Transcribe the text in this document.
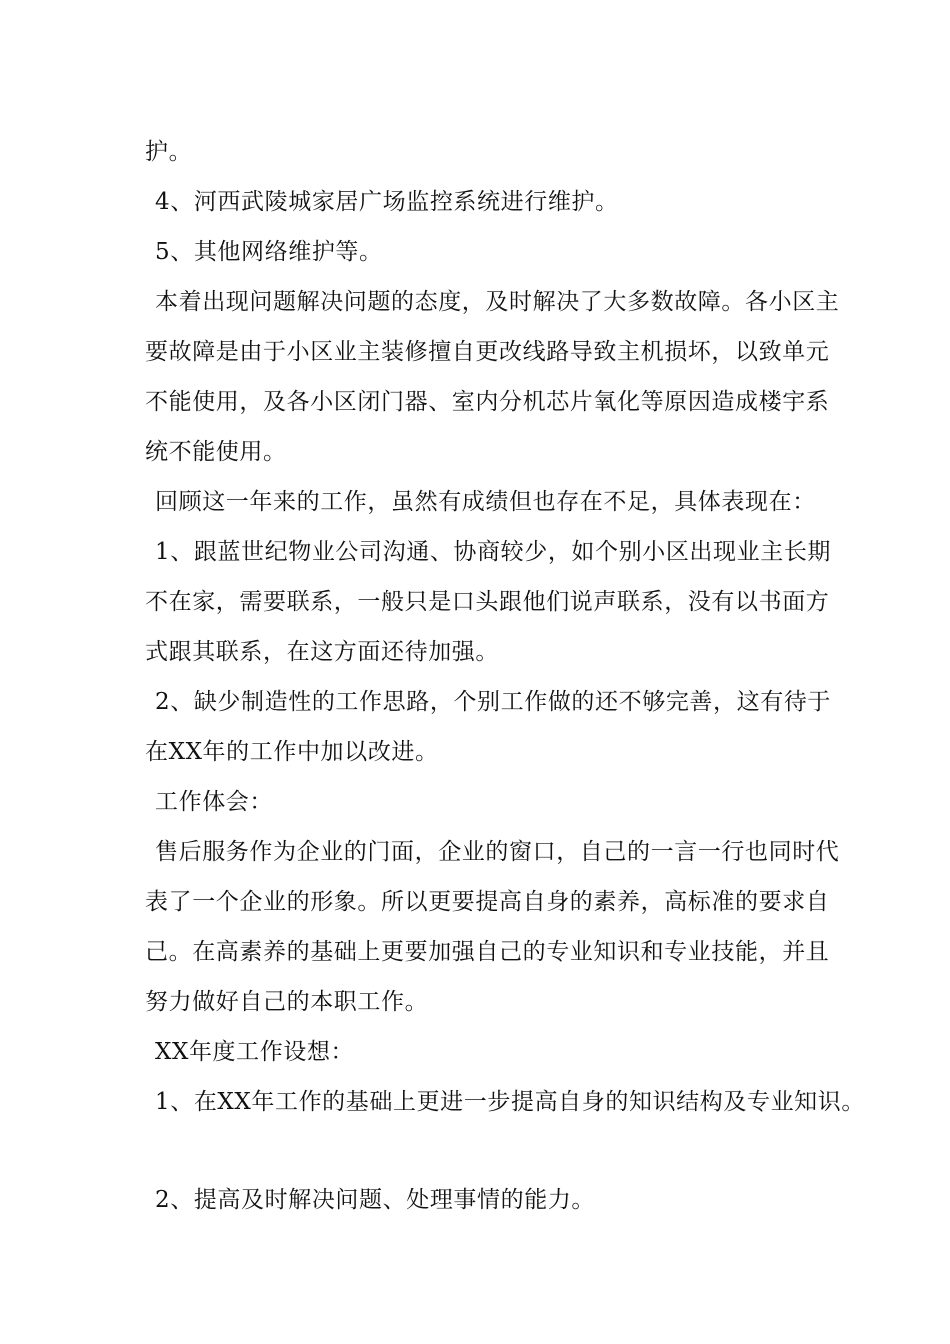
护。
4、河西武陵城家居广场监控系统进行维护。
5、其他网络维护等。
本着出现问题解决问题的态度，及时解决了大多数故障。各小区主
要故障是由于小区业主装修擅自更改线路导致主机损坏，以致单元
不能使用，及各小区闭门器、室内分机芯片氧化等原因造成楼宇系
统不能使用。
回顾这一年来的工作，虽然有成绩但也存在不足，具体表现在：
1、跟蓝世纪物业公司沟通、协商较少，如个别小区出现业主长期
不在家，需要联系，一般只是口头跟他们说声联系，没有以书面方
式跟其联系，在这方面还待加强。
2、缺少制造性的工作思路，个别工作做的还不够完善，这有待于
在XX年的工作中加以改进。
工作体会：
售后服务作为企业的门面，企业的窗口，自己的一言一行也同时代
表了一个企业的形象。所以更要提高自身的素养，高标准的要求自
己。在高素养的基础上更要加强自己的专业知识和专业技能，并且
努力做好自己的本职工作。
XX年度工作设想：
1、在XX年工作的基础上更进一步提高自身的知识结构及专业知识。
2、提高及时解决问题、处理事情的能力。
